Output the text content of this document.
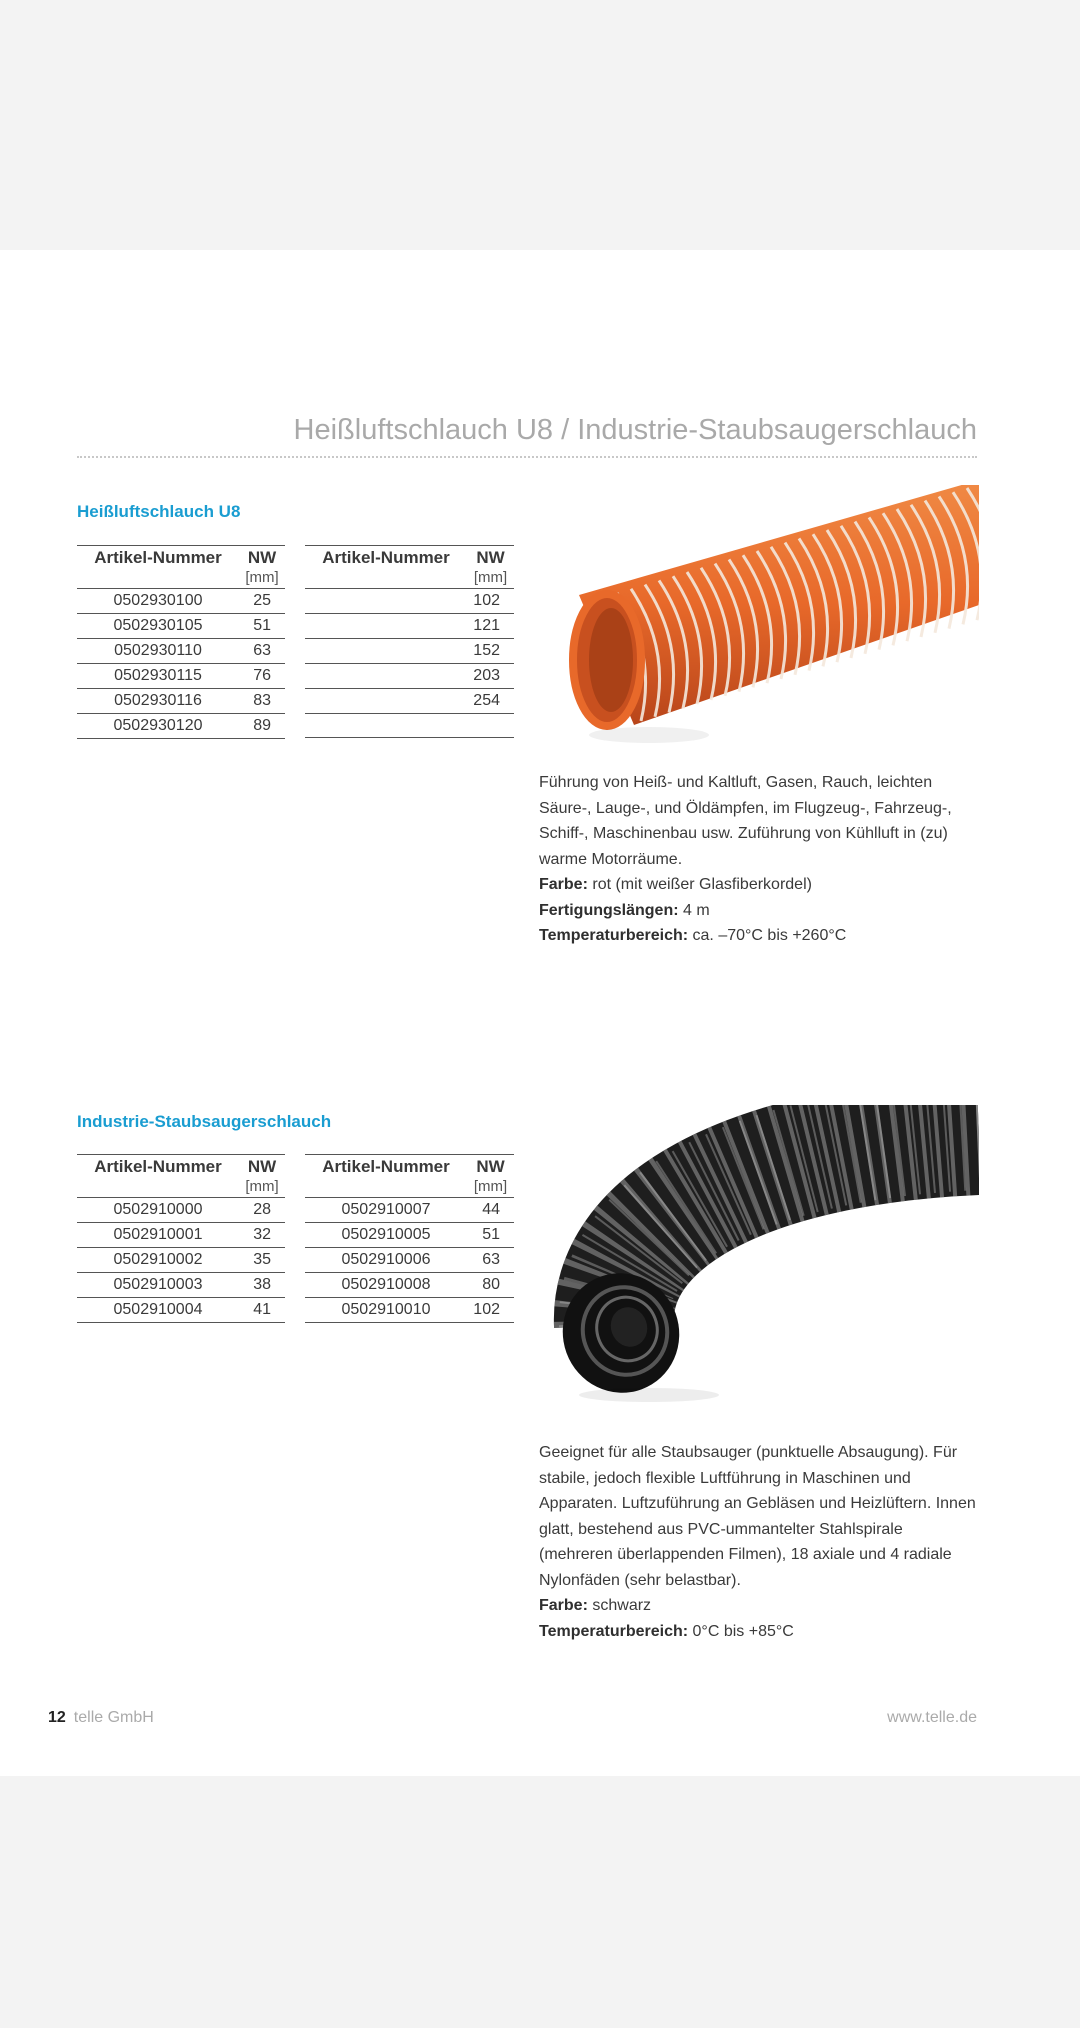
Heißluftschlauch U8 / Industrie-Staubsaugerschlauch
Heißluftschlauch U8
Artikel-Nummer	NW
[mm]

0502930100	25
0502930105	51
0502930110	63
0502930115	76
0502930116	83
0502930120	89
Artikel-Nummer	NW
[mm]

	102
	121
	152
	203
	254

Führung von Heiß- und Kaltluft, Gasen, Rauch, leichten Säure-, Lauge-, und Öldämpfen, im Flugzeug-, Fahrzeug-, Schiff-, Maschinenbau usw. Zuführung von Kühlluft in (zu) warme Motorräume.
Farbe: rot (mit weißer Glasfiberkordel)
Fertigungslängen: 4 m
Temperaturbereich: ca. –70°C bis +260°C
Industrie-Staubsaugerschlauch
Artikel-Nummer	NW
[mm]

0502910000	28
0502910001	32
0502910002	35
0502910003	38
0502910004	41
Artikel-Nummer	NW
[mm]

0502910007	44
0502910005	51
0502910006	63
0502910008	80
0502910010	102
Geeignet für alle Staubsauger (punktuelle Absaugung). Für stabile, jedoch flexible Luftführung in Maschinen und Apparaten. Luftzuführung an Gebläsen und Heizlüftern. Innen glatt, bestehend aus PVC-ummantelter Stahlspirale (mehreren überlappenden Filmen), 18 axiale und 4 radiale Nylonfäden (sehr belastbar).
Farbe: schwarz
Temperaturbereich: 0°C bis +85°C
12 telle GmbH	www.telle.de
